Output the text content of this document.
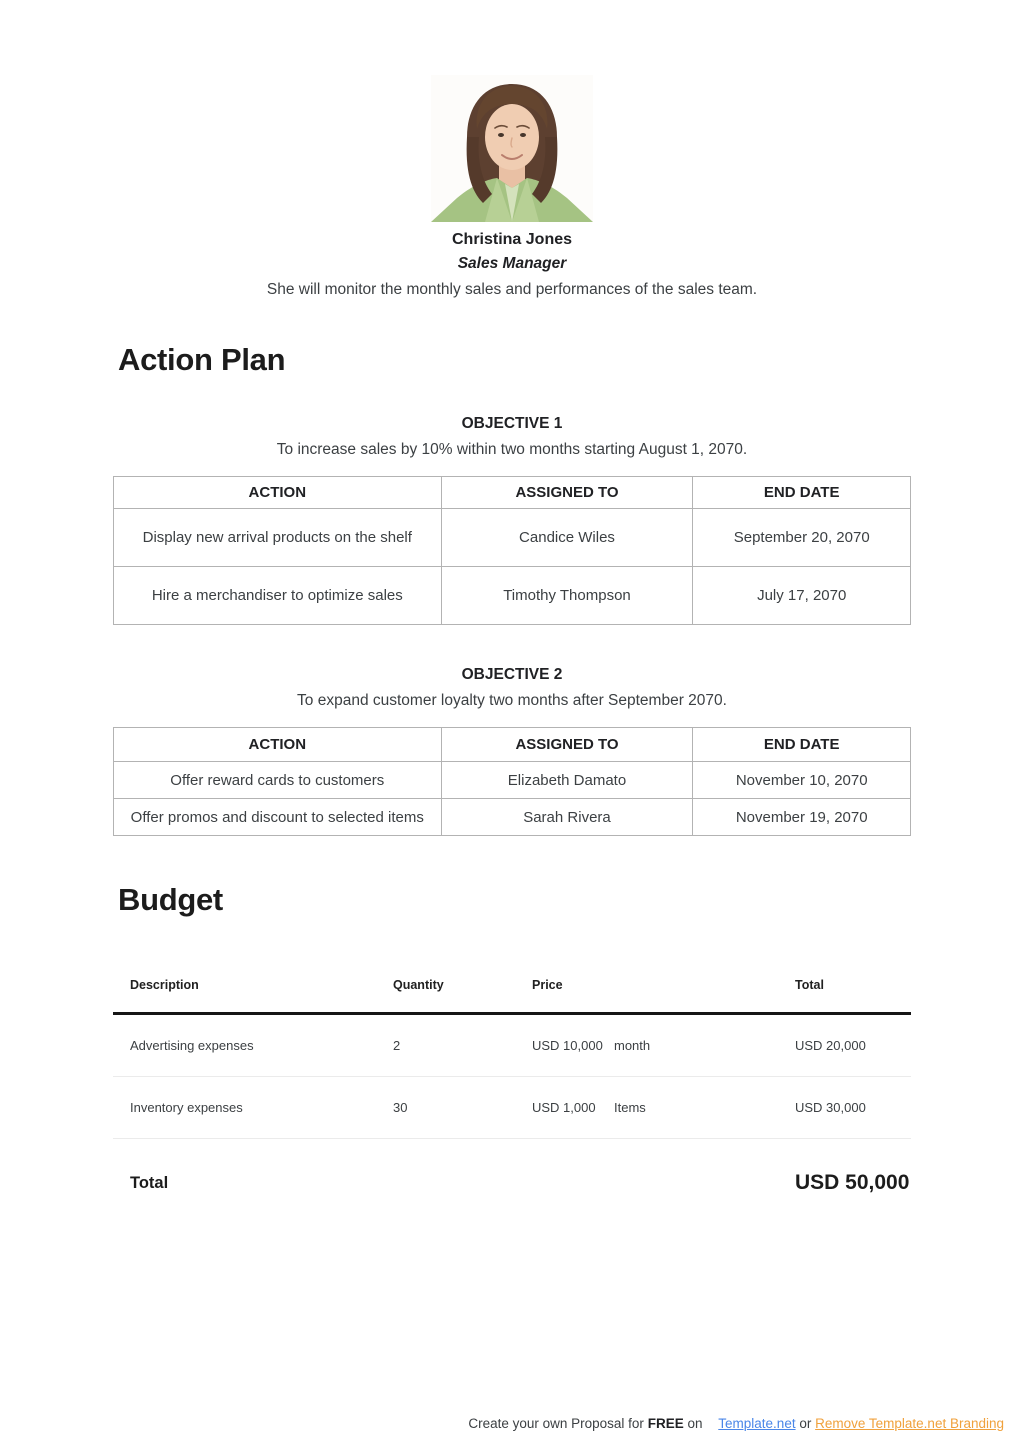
Christina Jones
Sales Manager
She will monitor the monthly sales and performances of the sales team.
Action Plan
OBJECTIVE 1
To increase sales by 10% within two months starting August 1, 2070.
ACTION	ASSIGNED TO	END DATE
Display new arrival products on the shelf	Candice Wiles	September 20, 2070
Hire a merchandiser to optimize sales	Timothy Thompson	July 17, 2070
OBJECTIVE 2
To expand customer loyalty two months after September 2070.
ACTION	ASSIGNED TO	END DATE
Offer reward cards to customers	Elizabeth Damato	November 10, 2070
Offer promos and discount to selected items	Sarah Rivera	November 19, 2070
Budget
Description	Quantity	Price	Total
Advertising expenses	2	USD 10,000 month	USD 20,000
Inventory expenses	30	USD 1,000 Items	USD 30,000
Total	USD 50,000
Create your own Proposal for FREE on Template.net or Remove Template.net Branding
